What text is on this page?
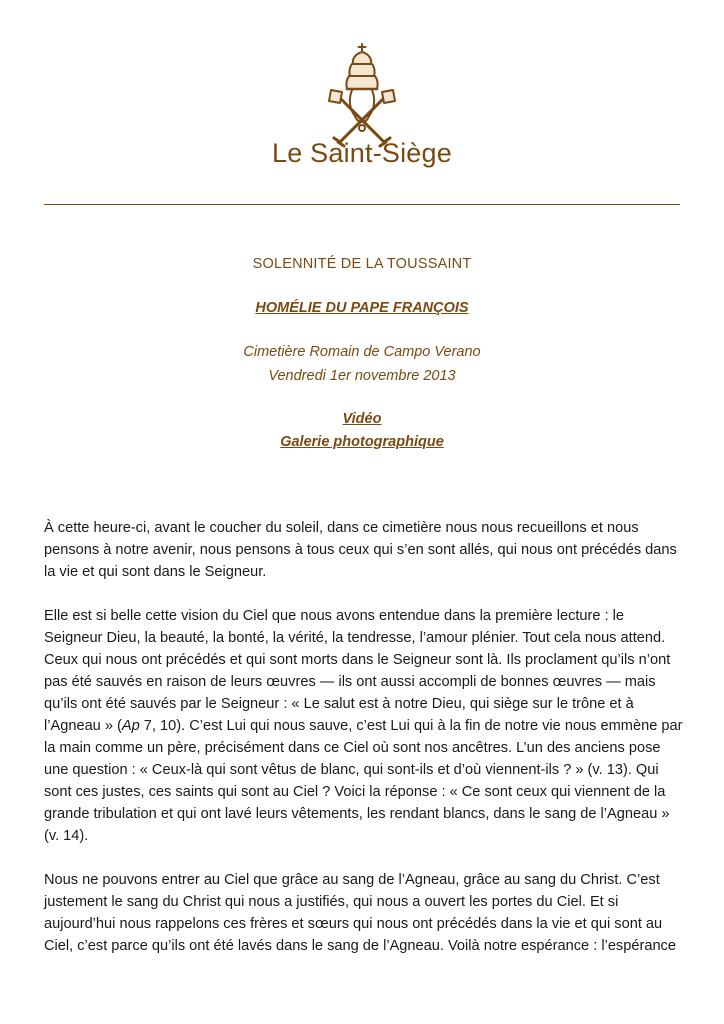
Le Saint-Siège
SOLENNITÉ DE LA TOUSSAINT
HOMÉLIE DU PAPE FRANÇOIS
Cimetière Romain de Campo Verano
Vendredi 1er novembre 2013
Vidéo
Galerie photographique

À cette heure-ci, avant le coucher du soleil, dans ce cimetière nous nous recueillons et nous pensons à notre avenir, nous pensons à tous ceux qui s’en sont allés, qui nous ont précédés dans la vie et qui sont dans le Seigneur.

Elle est si belle cette vision du Ciel que nous avons entendue dans la première lecture : le Seigneur Dieu, la beauté, la bonté, la vérité, la tendresse, l’amour plénier. Tout cela nous attend. Ceux qui nous ont précédés et qui sont morts dans le Seigneur sont là. Ils proclament qu’ils n’ont pas été sauvés en raison de leurs œuvres — ils ont aussi accompli de bonnes œuvres — mais qu’ils ont été sauvés par le Seigneur : « Le salut est à notre Dieu, qui siège sur le trône et à l’Agneau » (Ap 7, 10). C’est Lui qui nous sauve, c’est Lui qui à la fin de notre vie nous emmène par la main comme un père, précisément dans ce Ciel où sont nos ancêtres. L’un des anciens pose une question : « Ceux-là qui sont vêtus de blanc, qui sont-ils et d’où viennent-ils ? » (v. 13). Qui sont ces justes, ces saints qui sont au Ciel ? Voici la réponse : « Ce sont ceux qui viennent de la grande tribulation et qui ont lavé leurs vêtements, les rendant blancs, dans le sang de l’Agneau » (v. 14).

Nous ne pouvons entrer au Ciel que grâce au sang de l’Agneau, grâce au sang du Christ. C’est justement le sang du Christ qui nous a justifiés, qui nous a ouvert les portes du Ciel. Et si aujourd’hui nous rappelons ces frères et sœurs qui nous ont précédés dans la vie et qui sont au Ciel, c’est parce qu’ils ont été lavés dans le sang de l’Agneau. Voilà notre espérance : l’espérance
